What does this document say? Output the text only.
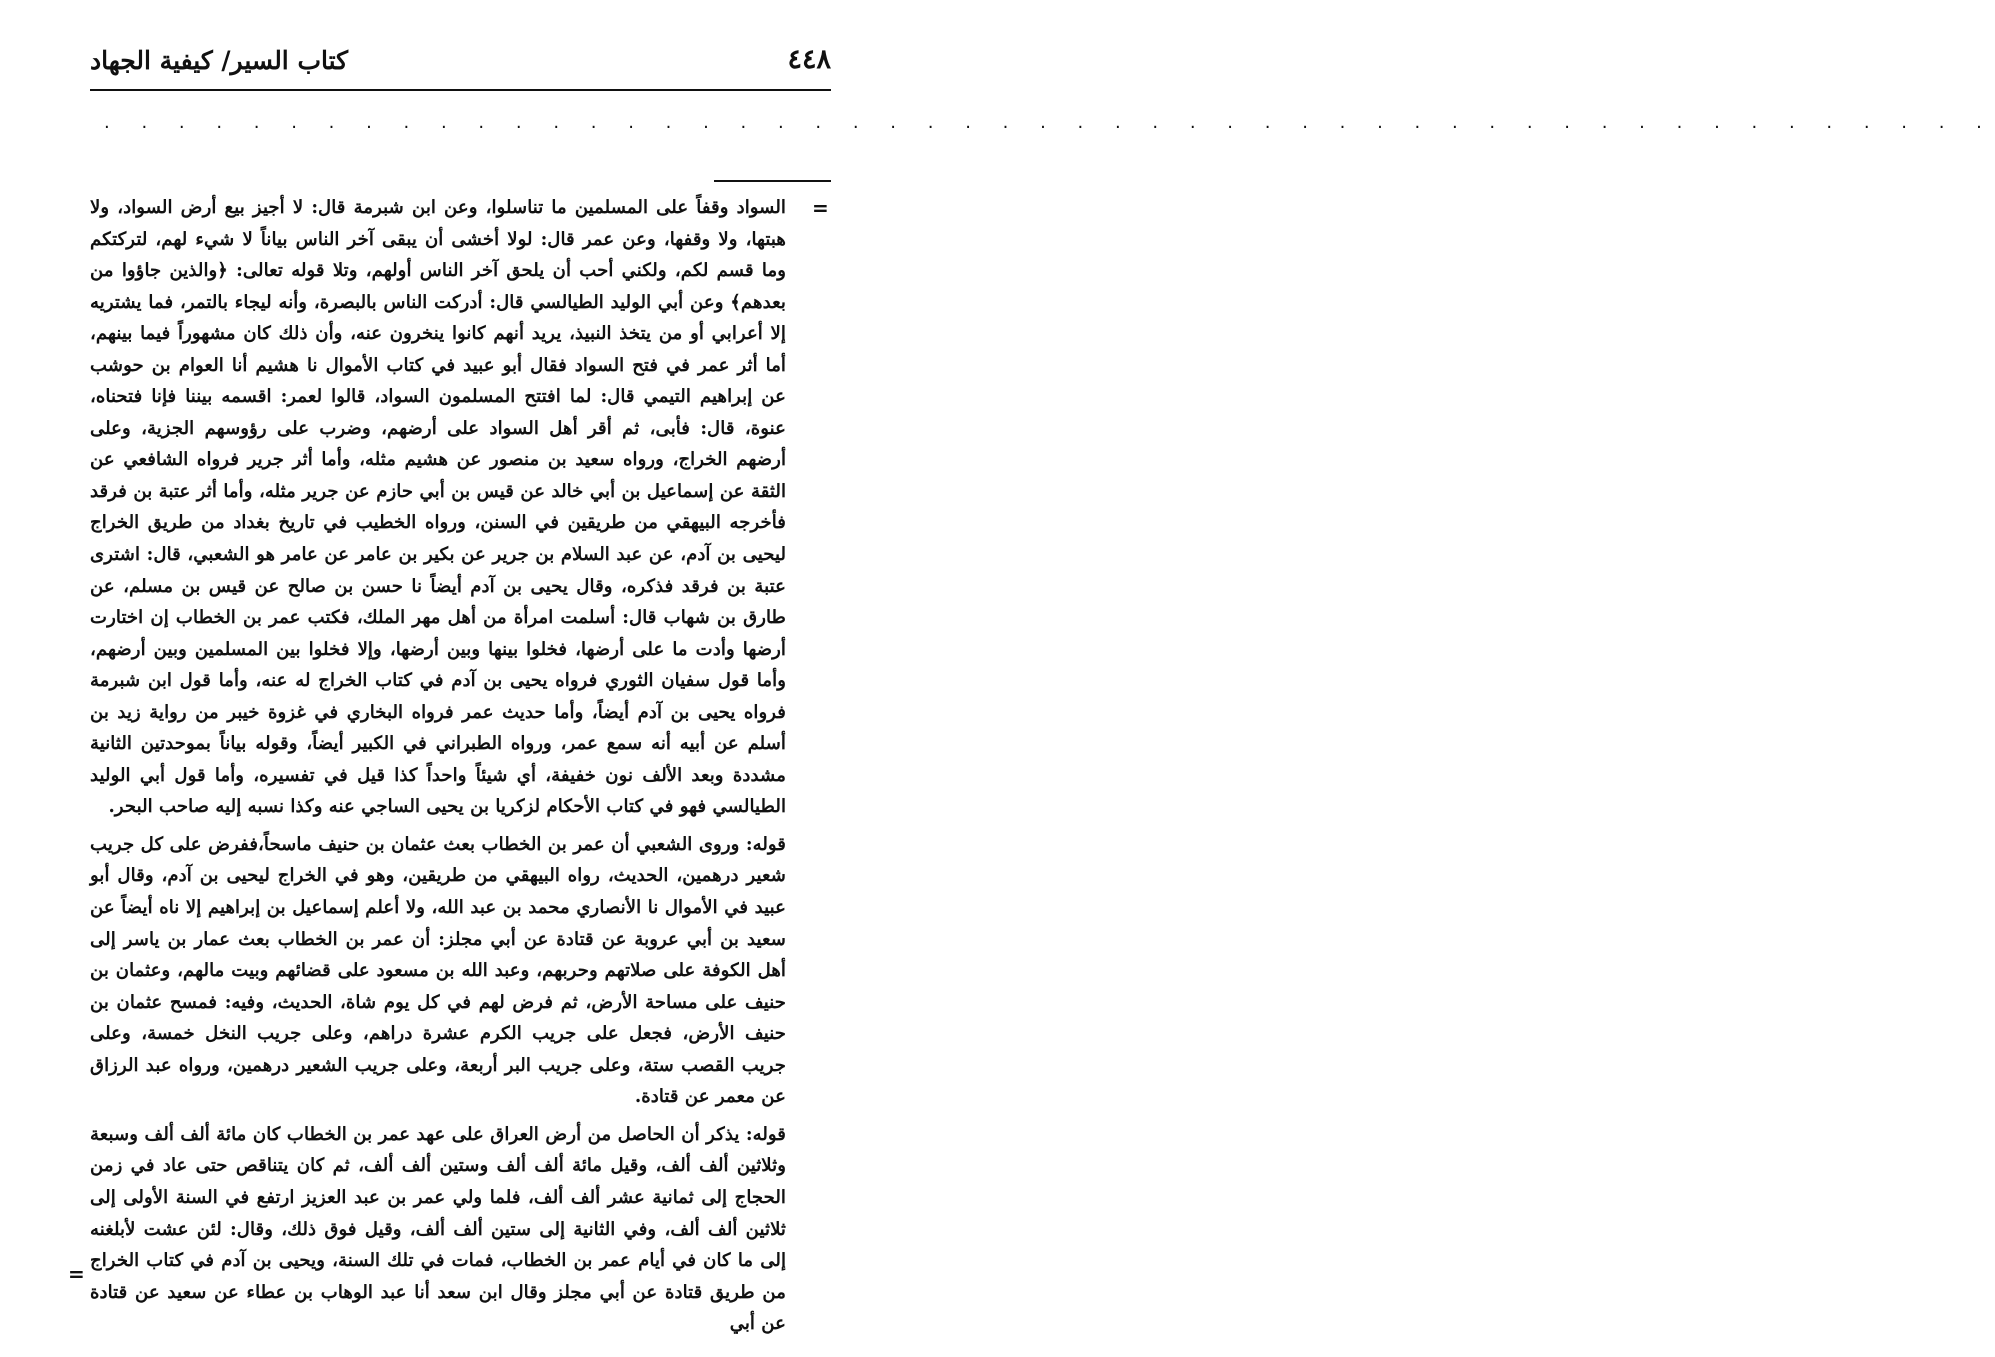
٤٤٨
كتاب السير/ كيفية الجهاد
. . . . . . . . . . . . . . . . . . . . . . . . . . . . . . . . . . . . . . . . . . . . . . . . . . .
=

السواد وقفاً على المسلمين ما تناسلوا، وعن ابن شبرمة قال: لا أجيز بيع أرض السواد، ولا هبتها، ولا وقفها، وعن عمر قال: لولا أخشى أن يبقى آخر الناس بياناً لا شيء لهم، لتركتكم وما قسم لكم، ولكني أحب أن يلحق آخر الناس أولهم، وتلا قوله تعالى: ﴿والذين جاؤوا من بعدهم﴾ وعن أبي الوليد الطيالسي قال: أدركت الناس بالبصرة، وأنه ليجاء بالتمر، فما يشتريه إلا أعرابي أو من يتخذ النبيذ، يريد أنهم كانوا ينخرون عنه، وأن ذلك كان مشهوراً فيما بينهم، أما أثر عمر في فتح السواد فقال أبو عبيد في كتاب الأموال نا هشيم أنا العوام بن حوشب عن إبراهيم التيمي قال: لما افتتح المسلمون السواد، قالوا لعمر: اقسمه بيننا فإنا فتحناه، عنوة، قال: فأبى، ثم أقر أهل السواد على أرضهم، وضرب على رؤوسهم الجزية، وعلى أرضهم الخراج، ورواه سعيد بن منصور عن هشيم مثله، وأما أثر جرير فرواه الشافعي عن الثقة عن إسماعيل بن أبي خالد عن قيس بن أبي حازم عن جرير مثله، وأما أثر عتبة بن فرقد فأخرجه البيهقي من طريقين في السنن، ورواه الخطيب في تاريخ بغداد من طريق الخراج ليحيى بن آدم، عن عبد السلام بن جرير عن بكير بن عامر عن عامر هو الشعبي، قال: اشترى عتبة بن فرقد فذكره، وقال يحيى بن آدم أيضاً نا حسن بن صالح عن قيس بن مسلم، عن طارق بن شهاب قال: أسلمت امرأة من أهل مهر الملك، فكتب عمر بن الخطاب إن اختارت أرضها وأدت ما على أرضها، فخلوا بينها وبين أرضها، وإلا فخلوا بين المسلمين وبين أرضهم، وأما قول سفيان الثوري فرواه يحيى بن آدم في كتاب الخراج له عنه، وأما قول ابن شبرمة فرواه يحيى بن آدم أيضاً، وأما حديث عمر فرواه البخاري في غزوة خيبر من رواية زيد بن أسلم عن أبيه أنه سمع عمر، ورواه الطبراني في الكبير أيضاً، وقوله بياناً بموحدتين الثانية مشددة وبعد الألف نون خفيفة، أي شيئاً واحداً كذا قيل في تفسيره، وأما قول أبي الوليد الطيالسي فهو في كتاب الأحكام لزكريا بن يحيى الساجي عنه وكذا نسبه إليه صاحب البحر.

قوله: وروى الشعبي أن عمر بن الخطاب بعث عثمان بن حنيف ماسحاً،ففرض على كل جريب شعير درهمين، الحديث، رواه البيهقي من طريقين، وهو في الخراج ليحيى بن آدم، وقال أبو عبيد في الأموال نا الأنصاري محمد بن عبد الله، ولا أعلم إسماعيل بن إبراهيم إلا ناه أيضاً عن سعيد بن أبي عروبة عن قتادة عن أبي مجلز: أن عمر بن الخطاب بعث عمار بن ياسر إلى أهل الكوفة على صلاتهم وحربهم، وعبد الله بن مسعود على قضائهم وبيت مالهم، وعثمان بن حنيف على مساحة الأرض، ثم فرض لهم في كل يوم شاة، الحديث، وفيه: فمسح عثمان بن حنيف الأرض، فجعل على جريب الكرم عشرة دراهم، وعلى جريب النخل خمسة، وعلى جريب القصب ستة، وعلى جريب البر أربعة، وعلى جريب الشعير درهمين، ورواه عبد الرزاق عن معمر عن قتادة.

قوله: يذكر أن الحاصل من أرض العراق على عهد عمر بن الخطاب كان مائة ألف ألف وسبعة وثلاثين ألف ألف، وقيل مائة ألف ألف وستين ألف ألف، ثم كان يتناقص حتى عاد في زمن الحجاج إلى ثمانية عشر ألف ألف، فلما ولي عمر بن عبد العزيز ارتفع في السنة الأولى إلى ثلاثين ألف ألف، وفي الثانية إلى ستين ألف ألف، وقيل فوق ذلك، وقال: لئن عشت لأبلغنه إلى ما كان في أيام عمر بن الخطاب، فمات في تلك السنة، ويحيى بن آدم في كتاب الخراج من طريق قتادة عن أبي مجلز وقال ابن سعد أنا عبد الوهاب بن عطاء عن سعيد عن قتادة عن أبي

=
